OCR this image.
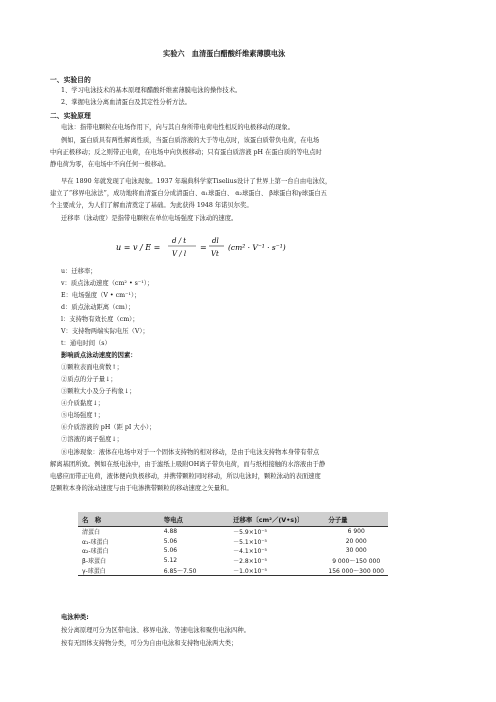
实验六　血清蛋白醋酸纤维素薄膜电泳
一、实验目的
1、学习电泳技术的基本原理和醋酸纤维素薄膜电泳的操作技术。
2、掌握电泳分离血清蛋白及其定性分析方法。
二、实验原理
电泳：指带电颗粒在电场作用下，向与其自身所带电荷电性相反的电极移动的现象。
例如，蛋白质具有两性解离性质，当蛋白质溶液的大于等电点时，该蛋白质带负电荷，在电场
中向正极移动；反之则带正电荷，在电场中向负极移动；只有蛋白质溶液 pH 在蛋白质的等电点时
静电荷为零，在电场中不向任何一极移动。
早在 1890 年就发现了电泳现象。1937 年瑞典科学家Tiselius设计了世界上第一台自由电泳仪，
建立了“移界电泳法”，成功地将血清蛋白分成清蛋白、α₁球蛋白、 α₂球蛋白、 β球蛋白和γ球蛋白五
个主要成分，为人们了解血清奠定了基础。为此获得 1948 年诺贝尔奖。
迁移率（泳动度）是指带电颗粒在单位电场强度下泳动的速度。
u = v / E =
d / t
V / l
=
dl
Vt
(cm² · V⁻¹ · s⁻¹)
u：迁移率；
v：质点泳动速度（cm² • s⁻¹）；
E：电场强度（V • cm⁻¹）；
d：质点泳动距离（cm）；
l：支持物有效长度（cm）；
V：支持物两端实际电压（V）；
t：通电时间（s）
影响质点泳动速度的因素：
①颗粒表面电荷数↑；
②质点的分子量↓；
③颗粒大小及分子构象↓；
④介质黏度↓；
⑤电场强度↑；
⑥介质溶液的 pH（距 pI 大小）；
⑦溶液的离子强度↓；
⑧电渗现象：液体在电场中对于一个固体支持物的相对移动，是由于电泳支持物本身带有带点
解离基团所致。例如在纸电泳中，由于滤纸上吸附OH离子带负电荷，而与纸相接触的水溶液由于静
电感应而带正电荷，液体便向负极移动，并携带颗粒同时移动，所以电泳时，颗粒泳动的表面速度
是颗粒本身的泳动速度与由于电渗携带颗粒的移动速度之矢量和。
名　称	等电点	迁移率〔cm²／(V•s)〕	分子量
清蛋白	4.88	－5.9×10⁻⁵	6 900
α₁-球蛋白	5.06	－5.1×10⁻⁵	20 000
α₂-球蛋白	5.06	－4.1×10⁻⁵	30 000
β-球蛋白	5.12	－2.8×10⁻⁵	9 000～150 000
γ-球蛋白	6.85～7.50	－1.0×10⁻⁵	156 000～300 000
电泳种类:
按分离原理可分为区带电泳、移界电泳、等速电泳和聚焦电泳四种。
按有无固体支持物分类，可分为自由电泳和支持物电泳两大类；
